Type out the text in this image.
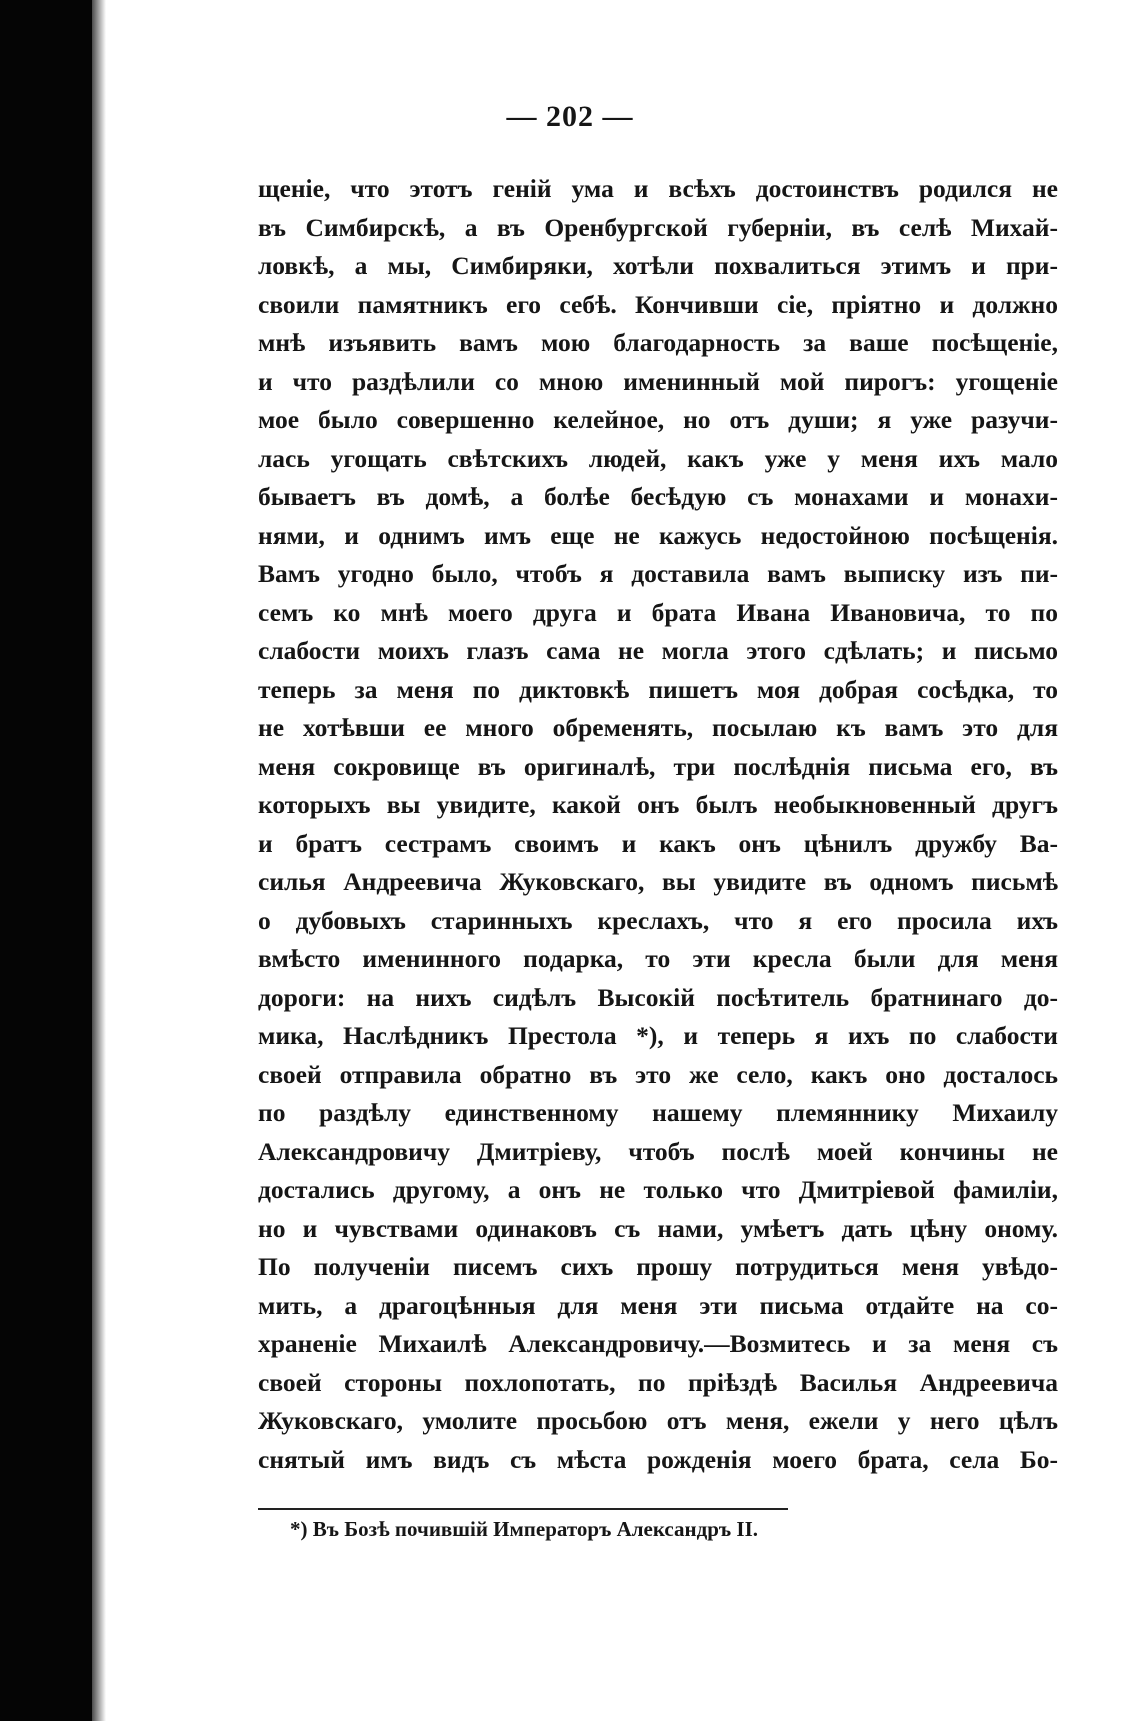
— 202 —
щеніе, что этотъ геній ума и всѣхъ достоинствъ родился не
въ Симбирскѣ, а въ Оренбургской губерніи, въ селѣ Михай-
ловкѣ, а мы, Симбиряки, хотѣли похвалиться этимъ и при-
своили памятникъ его себѣ. Кончивши сіе, пріятно и должно
мнѣ изъявить вамъ мою благодарность за ваше посѣщеніе,
и что раздѣлили со мною именинный мой пирогъ: угощеніе
мое было совершенно келейное, но отъ души; я уже разучи-
лась угощать свѣтскихъ людей, какъ уже у меня ихъ мало
бываетъ въ домѣ, а болѣе бесѣдую съ монахами и монахи-
нями, и однимъ имъ еще не кажусь недостойною посѣщенія.
Вамъ угодно было, чтобъ я доставила вамъ выписку изъ пи-
семъ ко мнѣ моего друга и брата Ивана Ивановича, то по
слабости моихъ глазъ сама не могла этого сдѣлать; и письмо
теперь за меня по диктовкѣ пишетъ моя добрая сосѣдка, то
не хотѣвши ее много обременять, посылаю къ вамъ это для
меня сокровище въ оригиналѣ, три послѣднія письма его, въ
которыхъ вы увидите, какой онъ былъ необыкновенный другъ
и братъ сестрамъ своимъ и какъ онъ цѣнилъ дружбу Ва-
силья Андреевича Жуковскаго, вы увидите въ одномъ письмѣ
о дубовыхъ старинныхъ креслахъ, что я его просила ихъ
вмѣсто именинного подарка, то эти кресла были для меня
дороги: на нихъ сидѣлъ Высокій посѣтитель братнинаго до-
мика, Наслѣдникъ Престола *), и теперь я ихъ по слабости
своей отправила обратно въ это же село, какъ оно досталось
по раздѣлу единственному нашему племяннику Михаилу
Александровичу Дмитріеву, чтобъ послѣ моей кончины не
достались другому, а онъ не только что Дмитріевой фамиліи,
но и чувствами одинаковъ съ нами, умѣетъ дать цѣну оному.
По полученіи писемъ сихъ прошу потрудиться меня увѣдо-
мить, а драгоцѣнныя для меня эти письма отдайте на со-
храненіе Михаилѣ Александровичу.—Возмитесь и за меня съ
своей стороны похлопотать, по пріѣздѣ Василья Андреевича
Жуковскаго, умолите просьбою отъ меня, ежели у него цѣлъ
снятый имъ видъ съ мѣста рожденія моего брата, села Бо-
*) Въ Бозѣ почившій Императоръ Александръ II.
